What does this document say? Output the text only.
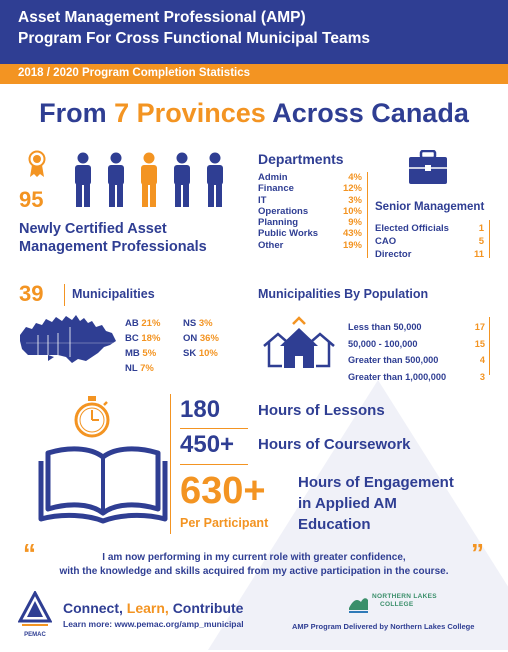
Asset Management Professional (AMP)
Program For Cross Functional Municipal Teams
2018 / 2020 Program Completion Statistics
From 7 Provinces Across Canada
95
Newly Certified Asset
Management Professionals
Departments
Admin	4%
Finance	12%
IT	3%
Operations	10%
Planning	9%
Public Works	43%
Other	19%
Senior Management
Elected Officials	1
CAO	5
Director	11
39 Municipalities
AB 21%
BC 18%
MB 5%
NL 7%
NS 3%
ON 36%
SK 10%
Municipalities By Population
Less than 50,000	17
50,000 - 100,000	15
Greater than 500,000	4
Greater than 1,000,000	3
180	Hours of Lessons
450+ Hours of Coursework
630+
Per Participant
Hours of Engagement
in Applied AM
Education
“	I am now performing in my current role with greater confidence,
with the knowledge and skills acquired from my active participation in the course.
”
PEMAC
Connect, Learn, Contribute
Learn more: www.pemac.org/amp_municipal
NORTHERN LAKES
COLLEGE
AMP Program Delivered by Northern Lakes College
